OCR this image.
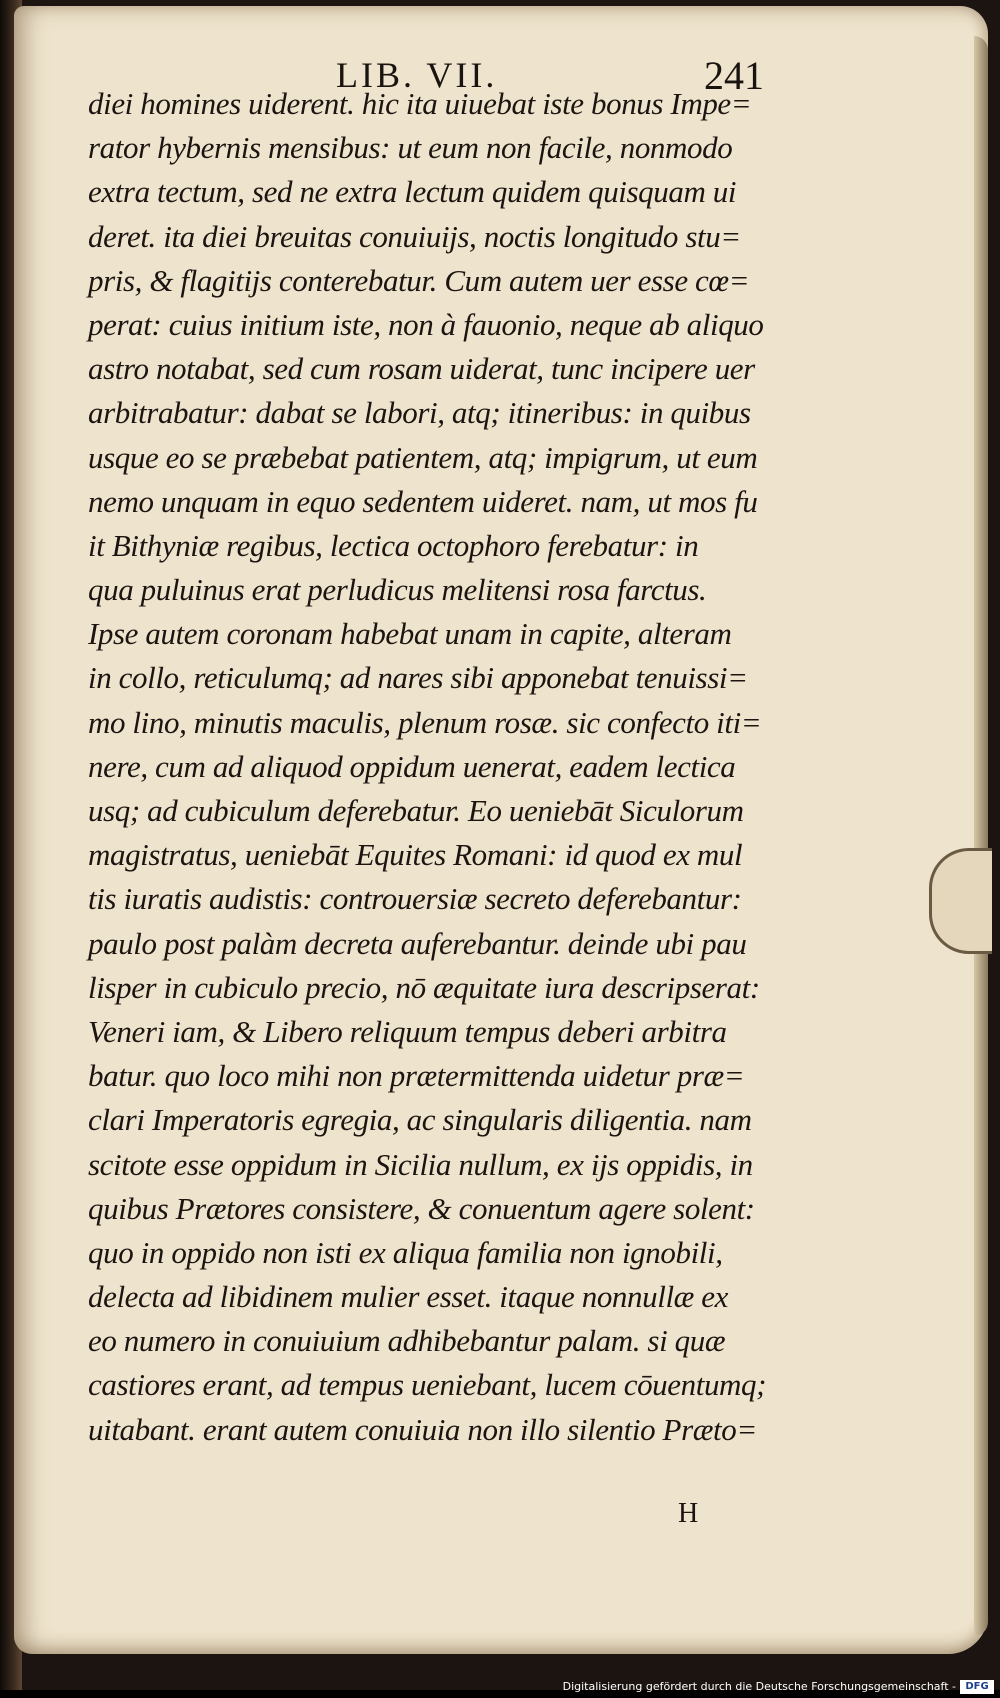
LIB. VII.	241
diei homines uiderent. hic ita uiuebat iste bonus Impe=
rator hybernis mensibus: ut eum non facile, nonmodo
extra tectum, sed ne extra lectum quidem quisquam ui
deret. ita diei breuitas conuiuijs, noctis longitudo stu=
pris, & flagitijs conterebatur. Cum autem uer esse cœ=
perat: cuius initium iste, non à fauonio, neque ab aliquo
astro notabat, sed cum rosam uiderat, tunc incipere uer
arbitrabatur: dabat se labori, atq; itineribus: in quibus
usque eo se præbebat patientem, atq; impigrum, ut eum
nemo unquam in equo sedentem uideret. nam, ut mos fu
it Bithyniæ regibus, lectica octophoro ferebatur: in
qua puluinus erat perludicus melitensi rosa farctus.
Ipse autem coronam habebat unam in capite, alteram
in collo, reticulumq; ad nares sibi apponebat tenuissi=
mo lino, minutis maculis, plenum rosæ. sic confecto iti=
nere, cum ad aliquod oppidum uenerat, eadem lectica
usq; ad cubiculum deferebatur. Eo ueniebāt Siculorum
magistratus, ueniebāt Equites Romani: id quod ex mul
tis iuratis audistis: controuersiæ secreto deferebantur:
paulo post palàm decreta auferebantur. deinde ubi pau
lisper in cubiculo precio, nō æquitate iura descripserat:
Veneri iam, & Libero reliquum tempus deberi arbitra
batur. quo loco mihi non prætermittenda uidetur præ=
clari Imperatoris egregia, ac singularis diligentia. nam
scitote esse oppidum in Sicilia nullum, ex ijs oppidis, in
quibus Prætores consistere, & conuentum agere solent:
quo in oppido non isti ex aliqua familia non ignobili,
delecta ad libidinem mulier esset. itaque nonnullæ ex
eo numero in conuiuium adhibebantur palam. si quæ
castiores erant, ad tempus ueniebant, lucem cōuentumq;
uitabant. erant autem conuiuia non illo silentio Præto=
H
Digitalisierung gefördert durch die Deutsche Forschungsgemeinschaft - DFG
